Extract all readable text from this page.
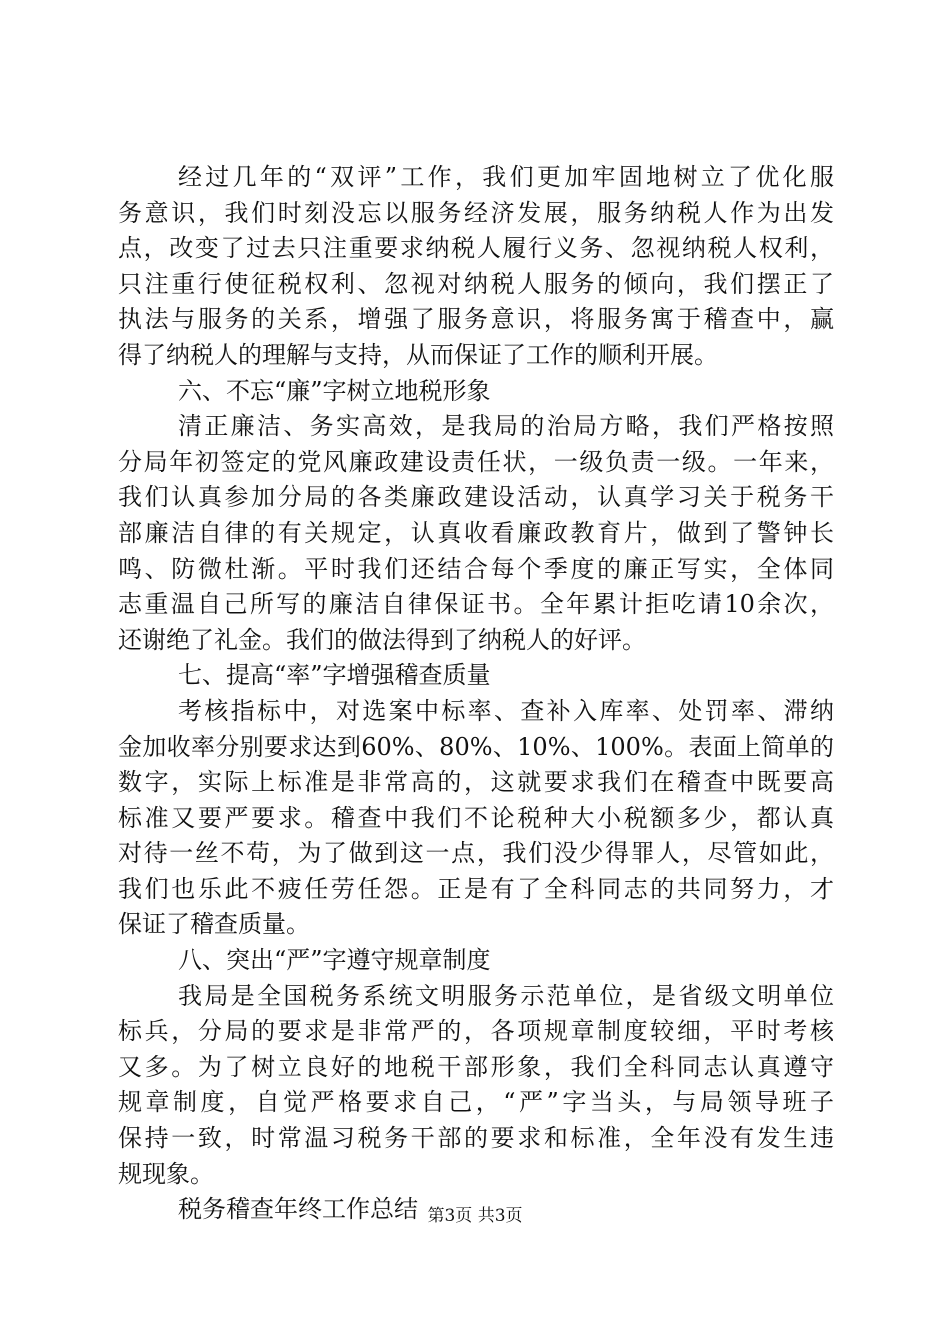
经过几年的“双评”工作，我们更加牢固地树立了优化服
务意识，我们时刻没忘以服务经济发展，服务纳税人作为出发
点，改变了过去只注重要求纳税人履行义务、忽视纳税人权利，
只注重行使征税权利、忽视对纳税人服务的倾向，我们摆正了
执法与服务的关系，增强了服务意识，将服务寓于稽查中，赢
得了纳税人的理解与支持，从而保证了工作的顺利开展。
六、不忘“廉”字树立地税形象
清正廉洁、务实高效，是我局的治局方略，我们严格按照
分局年初签定的党风廉政建设责任状，一级负责一级。一年来，
我们认真参加分局的各类廉政建设活动，认真学习关于税务干
部廉洁自律的有关规定，认真收看廉政教育片，做到了警钟长
鸣、防微杜渐。平时我们还结合每个季度的廉正写实，全体同
志重温自己所写的廉洁自律保证书。全年累计拒吃请10余次，
还谢绝了礼金。我们的做法得到了纳税人的好评。
七、提高“率”字增强稽查质量
考核指标中，对选案中标率、查补入库率、处罚率、滞纳
金加收率分别要求达到60%、80%、10%、100%。表面上简单的
数字，实际上标准是非常高的，这就要求我们在稽查中既要高
标准又要严要求。稽查中我们不论税种大小税额多少，都认真
对待一丝不苟，为了做到这一点，我们没少得罪人，尽管如此，
我们也乐此不疲任劳任怨。正是有了全科同志的共同努力，才
保证了稽查质量。
八、突出“严”字遵守规章制度
我局是全国税务系统文明服务示范单位，是省级文明单位
标兵，分局的要求是非常严的，各项规章制度较细，平时考核
又多。为了树立良好的地税干部形象，我们全科同志认真遵守
规章制度，自觉严格要求自己，“严”字当头，与局领导班子
保持一致，时常温习税务干部的要求和标准，全年没有发生违
规现象。
税务稽查年终工作总结 第3页 共3页
